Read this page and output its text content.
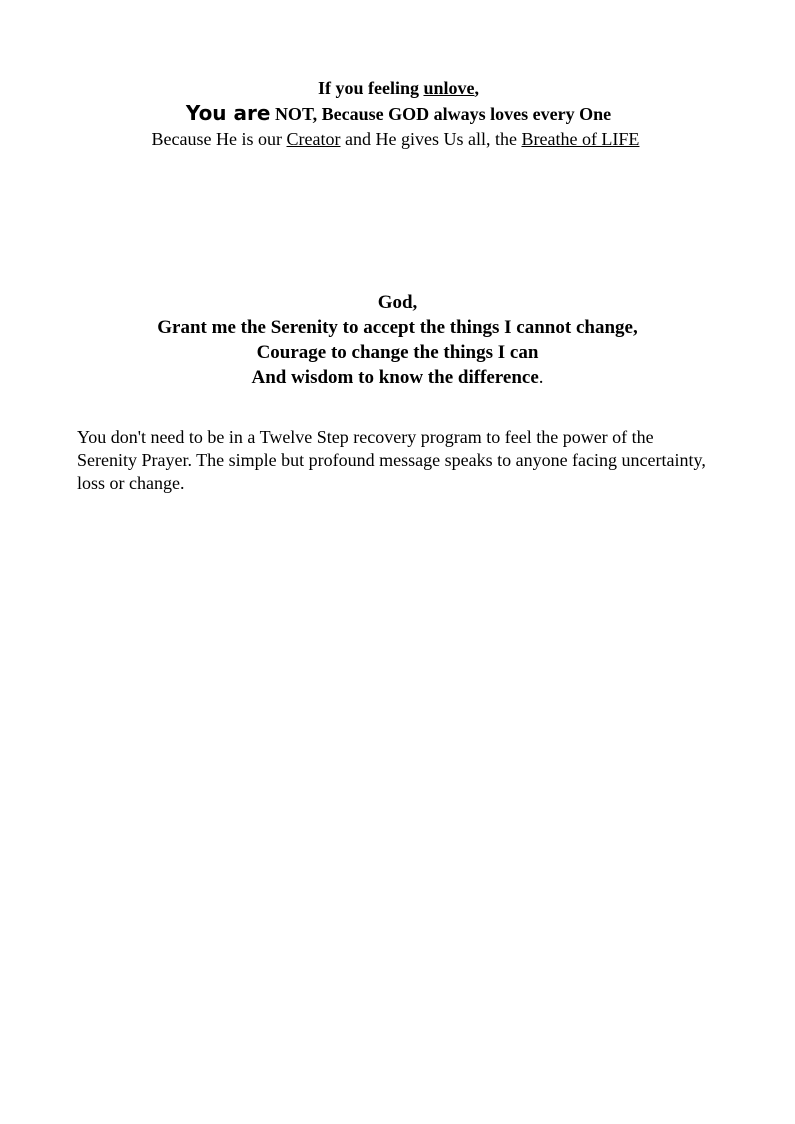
If you feeling unlove,
You are NOT, Because GOD always loves every One
Because He is our Creator and He gives Us all, the Breathe of LIFE
God,
Grant me the Serenity to accept the things I cannot change,
Courage to change the things I can
And wisdom to know the difference.
You don't need to be in a Twelve Step recovery program to feel the power of the Serenity Prayer. The simple but profound message speaks to anyone facing uncertainty, loss or change.
